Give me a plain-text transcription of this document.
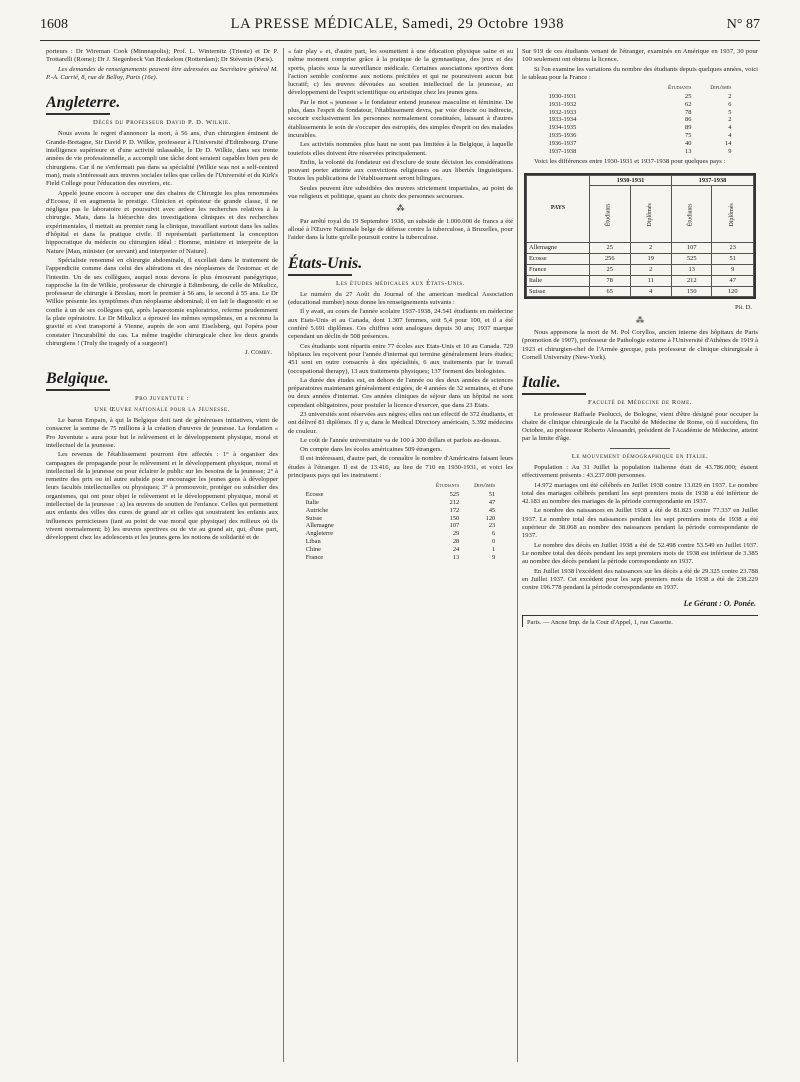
1608	LA PRESSE MÉDICALE, Samedi, 29 Octobre 1938	N° 87

porteurs : Dr Wireman Cook (Minneapolis); Prof. L. Winternitz (Trieste) et Dr P. Trottarelli (Rome); Dr J. Siegenbeck Van Heukelom (Rotterdam); Dr Stévenin (Paris).

Les demandes de renseignements peuvent être adressées au Secrétaire général M. P.-A. Carrié, 8, rue de Belloy, Paris (16e).

Angleterre.
Décès du Professeur David P. D. Wilkie.

Nous avons le regret d'annoncer la mort, à 56 ans, d'un chirurgien éminent de Grande-Bretagne, Sir David P. D. Wilkie, professeur à l'Université d'Edimbourg. D'une intelligence supérieure et d'une activité inlassable, le Dr D. Wilkie, dans ses trente années de vie professionnelle, a accompli une tâche dont seraient capables bien peu de chirurgiens. Car il ne s'enfermait pas dans sa spécialité (Wilkie was not a self-centred man), mais s'intéressait aux œuvres sociales telles que celles de l'Université et du Kirk's Field College pour l'éducation des ouvriers, etc.

Appelé jeune encore à occuper une des chaires de Chirurgie les plus renommées d'Ecosse, il en augmenta le prestige. Clinicien et opérateur de grande classe, il ne négligea pas le laboratoire et poursuivit avec ardeur les recherches relatives à la chirurgie. Mais, dans la hiérarchie des investigations cliniques et des recherches expérimentales, il mettait au premier rang la clinique, travaillant surtout dans les salles d'hôpital et dans la pratique civile. Il représentait parfaitement la conception hippocratique du médecin ou chirurgien idéal : Homme, ministre et interprète de la Nature [Man, minister (or servant) and interpreter of Nature].

Spécialiste renommé en chirurgie abdominale, il excellait dans le traitement de l'appendicite comme dans celui des altérations et des néoplasmes de l'estomac et de l'intestin. Un de ses collègues, auquel nous devons le plus émouvant panégyrique, rapproche la fin de Wilkie, professeur de chirurgie à Edimbourg, de celle de Mikulicz, professeur de chirurgie à Breslau, mort le premier à 56 ans, le second à 55 ans. Le Dr Wilkie présente les symptômes d'un néoplasme abdominal; il en fait le diagnostic et se confie à un de ses collègues qui, après laparotomie exploratrice, referme prudemment la plaie opératoire. Le Dr Mikulicz a éprouvé les mêmes symptômes, en a reconnu la gravité et s'est transporté à Vienne, auprès de son ami Eiselsberg, qui l'opéra pour constater l'incurabilité du cas. La même tragédie chirurgicale chez les deux grands chirurgiens ! (Truly the tragedy of a surgeon!)

J. Comby.
Belgique.
Pro Juventute :
Une Œuvre nationale pour la Jeunesse.

Le baron Empain, à qui la Belgique doit tant de généreuses initiatives, vient de consacrer la somme de 75 millions à la création d'œuvres de jeunesse. La fondation « Pro Juventute » aura pour but le relèvement et le développement physique, moral et intellectuel de la jeunesse.

Les revenus de l'établissement pourront être affectés : 1° à organiser des campagnes de propagande pour le relèvement et le développement physique, moral et intellectuel de la jeunesse ou pour éclairer le public sur les besoins de la jeunesse; 2° à remettre des prix ou tel autre subside pour encourager les jeunes gens à développer leurs facultés intellectuelles ou physiques; 3° à promouvoir, protéger ou subsidier des organismes, qui ont pour objet le relèvement et le développement physique, moral et intellectuel de la jeunesse : a) les œuvres de soutien de l'enfance. Celles qui permettent aux enfants des villes des cures de grand air et celles qui soustraient les enfants aux influences pernicieuses (tant au point de vue moral que physique) des milieux où ils vivent normalement; b) les œuvres sportives ou de vie au grand air, qui, d'une part, développent chez les adolescents et les jeunes gens les notions de solidarité et de

« fair play » et, d'autre part, les soumettent à une éducation physique saine et au même moment comprise grâce à la pratique de la gymnastique, des jeux et des sports, placés sous la surveillance médicale. Certaines associations sportives dont l'action semble conforme aux notions précitées et qui ne poursuivent aucun but lucratif; c) les œuvres dévouées au soutien intellectuel de la jeunesse, au développement de l'esprit scientifique ou artistique chez les jeunes gens.

Par le mot « jeunesse » le fondateur entend jeunesse masculine et féminine. De plus, dans l'esprit du fondateur, l'établissement devra, par voie directe ou indirecte, secourir exclusivement les personnes normalement constituées, laissant à d'autres établissements le soin de s'occuper des estropiés, des simples d'esprit ou des malades incurables.

Les activités nommées plus haut ne sont pas limitées à la Belgique, à laquelle toutefois elles doivent être réservées principalement.

Enfin, la volonté du fondateur est d'exclure de toute décision les considérations pouvant porter atteinte aux convictions religieuses ou aux libertés linguistiques. Toutes les publications de l'établissement seront bilingues.

Seules peuvent être subsidiées des œuvres strictement impartiales, au point de vue religieux et politique, quant au choix des personnes secourues.

⁂

Par arrêté royal du 19 Septembre 1938, un subside de 1.000.000 de francs a été alloué à l'Œuvre Nationale belge de défense contre la tuberculose, à Bruxelles, pour l'aider dans la lutte qu'elle poursuit contre la tuberculose.

États-Unis.
Les études médicales aux États-Unis.

Le numéro du 27 Août du Journal of the american medical Association (educational number) nous donne les renseignements suivants :

Il y avait, au cours de l'année scolaire 1937-1938, 24.541 étudiants en médecine aux Etats-Unis et au Canada, dont 1.307 femmes, soit 5,4 pour 100, et il a été conféré 5.691 diplômes. Ces chiffres sont analogues depuis 30 ans; 1937 marque cependant un déclin de 508 présences.

Ces étudiants sont répartis entre 77 écoles aux Etats-Unis et 10 au Canada. 729 hôpitaux les reçoivent pour l'année d'internat qui termine généralement leurs études; 451 sont en outre consacrés à des spécialités, 6 aux traitements par le travail (occupational therapy), 13 aux traitements physiques; 137 forment des biologistes.

La durée des études est, en dehors de l'année ou des deux années de sciences préparatoires maintenant généralement exigées, de 4 années de 32 semaines, et d'une ou deux années d'internat. Ces années cliniques de séjour dans un hôpital ne sont cependant obligatoires, pour postuler la licence d'exercer, que dans 23 Etats.

23 universités sont réservées aux nègres; elles ont un effectif de 372 étudiants, et ont délivré 81 diplômes. Il y a, dans le Medical Directory américain, 3.392 médecins de couleur.

Le coût de l'année universitaire va de 100 à 300 dollars et parfois au-dessus.

On compte dans les écoles américaines 509 étrangers.

Il est intéressant, d'autre part, de connaître le nombre d'Américains faisant leurs études à l'étranger. Il est de 13.416, au lieu de 710 en 1930-1931, et voici les principaux pays qui les instruisent :

	Étudiants	Diplômés
Ecosse	525	51
Italie	212	47
Autriche	172	45
Suisse	150	120
Allemagne	107	23
Angleterre	29	6
Liban	28	0
Chine	24	1
France	13	9

Sur 919 de ces étudiants venant de l'étranger, examinés en Amérique en 1937, 30 pour 100 seulement ont obtenu la licence.

Si l'on examine les variations du nombre des étudiants depuis quelques années, voici le tableau pour la France :

	Étudiants	Diplômés
1930-1931	25	2
1931-1932	62	6
1932-1933	78	5
1933-1934	86	2
1934-1935	89	4
1935-1936	75	4
1936-1937	40	14
1937-1938	13	9

Voici les différences entre 1930-1931 et 1937-1938 pour quelques pays :

PAYS	1930-1931		1937-1938	
	Étudiants	Diplômés	Étudiants	Diplômés
Allemagne	25	2	107	23
Ecosse	256	19	525	51
France	25	2	13	9
Italie	78	11	212	47
Suisse	65	4	150	120
Ph. D.
⁂

Nous apprenons la mort de M. Pol Coryllos, ancien interne des hôpitaux de Paris (promotion de 1907), professeur de Pathologie externe à l'Université d'Athènes de 1919 à 1923 et chirurgien-chef de l'Armée grecque, puis professeur de clinique chirurgicale à Cornell University (New-York).

Italie.
Faculté de Médecine de Rome.

Le professeur Raffaele Paolucci, de Bologne, vient d'être désigné pour occuper la chaire de clinique chirurgicale de la Faculté de Médecine de Rome, où il succédera, fin Octobre, au professeur Roberto Alessandri, président de l'Académie de Médecine, atteint par la limite d'âge.

Le mouvement démographique en Italie.

Population : Au 31 Juillet la population italienne était de 43.786.000; étaient effectivement présents : 43.237.000 personnes.

14.972 mariages ont été célébrés en Juillet 1938 contre 13.029 en 1937. Le nombre total des mariages célébrés pendant les sept premiers mois de 1938 a été inférieur de 42.183 au nombre des mariages de la période correspondante en 1937.

Le nombre des naissances en Juillet 1938 a été de 81.823 contre 77.337 en Juillet 1937. Le nombre total des naissances pendant les sept premiers mois de 1938 a été supérieur de 38.068 au nombre des naissances pendant la période correspondante de 1937.

Le nombre des décès en Juillet 1938 a été de 52.498 contre 53.549 en Juillet 1937. Le nombre total des décès pendant les sept premiers mois de 1938 est inférieur de 3.385 au nombre des décès pendant la période correspondante en 1937.

En Juillet 1938 l'excédent des naissances sur les décès a été de 29.325 contre 23.788 en Juillet 1937. Cet excédent pour les sept premiers mois de 1938 a été de 238.229 contre 196.778 pendant la période correspondante en 1937.

Le Gérant : O. Ponée.
Paris. — Ancne Imp. de la Cour d'Appel, 1, rue Cassette.
